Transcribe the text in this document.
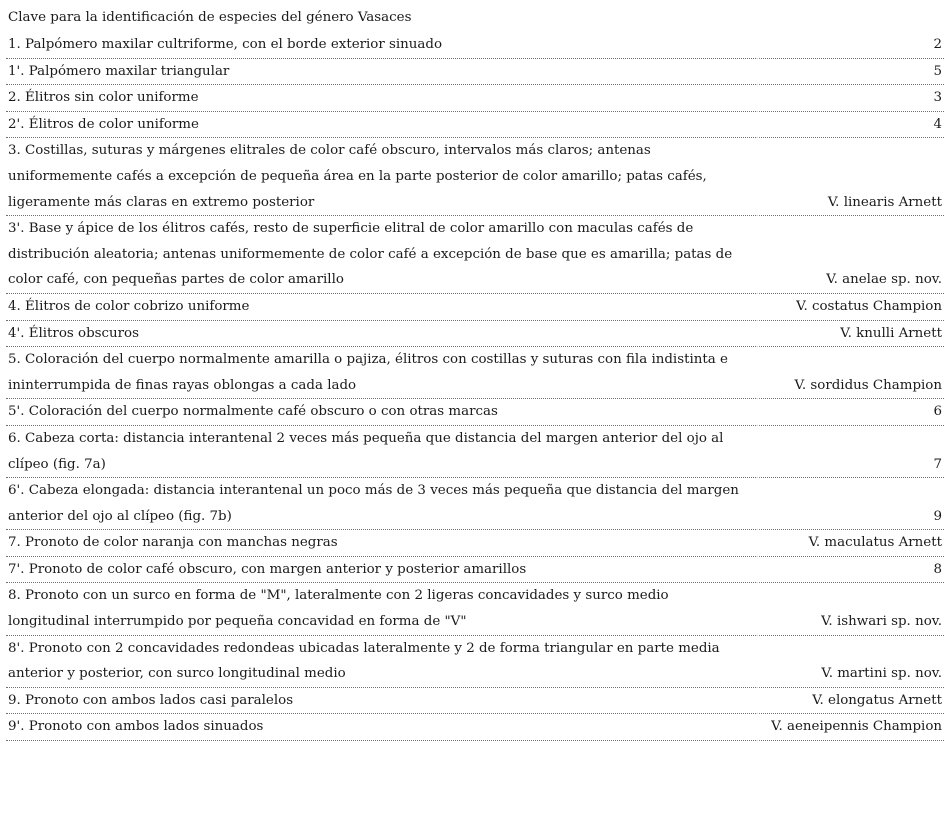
Clave para la identificación de especies del género Vasaces
1. Palpómero maxilar cultriforme, con el borde exterior sinuado	2
1'. Palpómero maxilar triangular	5
2. Élitros sin color uniforme	3
2'. Élitros de color uniforme	4
3. Costillas, suturas y márgenes elitrales de color café obscuro, intervalos más claros; antenas uniformemente cafés a excepción de pequeña área en la parte posterior de color amarillo; patas cafés, ligeramente más claras en extremo posterior	V. linearis Arnett
3'. Base y ápice de los élitros cafés, resto de superficie elitral de color amarillo con maculas cafés de distribución aleatoria; antenas uniformemente de color café a excepción de base que es amarilla; patas de color café, con pequeñas partes de color amarillo	V. anelae sp. nov.
4. Élitros de color cobrizo uniforme	V. costatus Champion
4'. Élitros obscuros	V. knulli Arnett
5. Coloración del cuerpo normalmente amarilla o pajiza, élitros con costillas y suturas con fila indistinta e ininterrumpida de finas rayas oblongas a cada lado	V. sordidus Champion
5'. Coloración del cuerpo normalmente café obscuro o con otras marcas	6
6. Cabeza corta: distancia interantenal 2 veces más pequeña que distancia del margen anterior del ojo al clípeo (fig. 7a)	7
6'. Cabeza elongada: distancia interantenal un poco más de 3 veces más pequeña que distancia del margen anterior del ojo al clípeo (fig. 7b)	9
7. Pronoto de color naranja con manchas negras	V. maculatus Arnett
7'. Pronoto de color café obscuro, con margen anterior y posterior amarillos	8
8. Pronoto con un surco en forma de "M", lateralmente con 2 ligeras concavidades y surco medio longitudinal interrumpido por pequeña concavidad en forma de "V"	V. ishwari sp. nov.
8'. Pronoto con 2 concavidades redondeas ubicadas lateralmente y 2 de forma triangular en parte media anterior y posterior, con surco longitudinal medio	V. martini sp. nov.
9. Pronoto con ambos lados casi paralelos	V. elongatus Arnett
9'. Pronoto con ambos lados sinuados	V. aeneipennis Champion
